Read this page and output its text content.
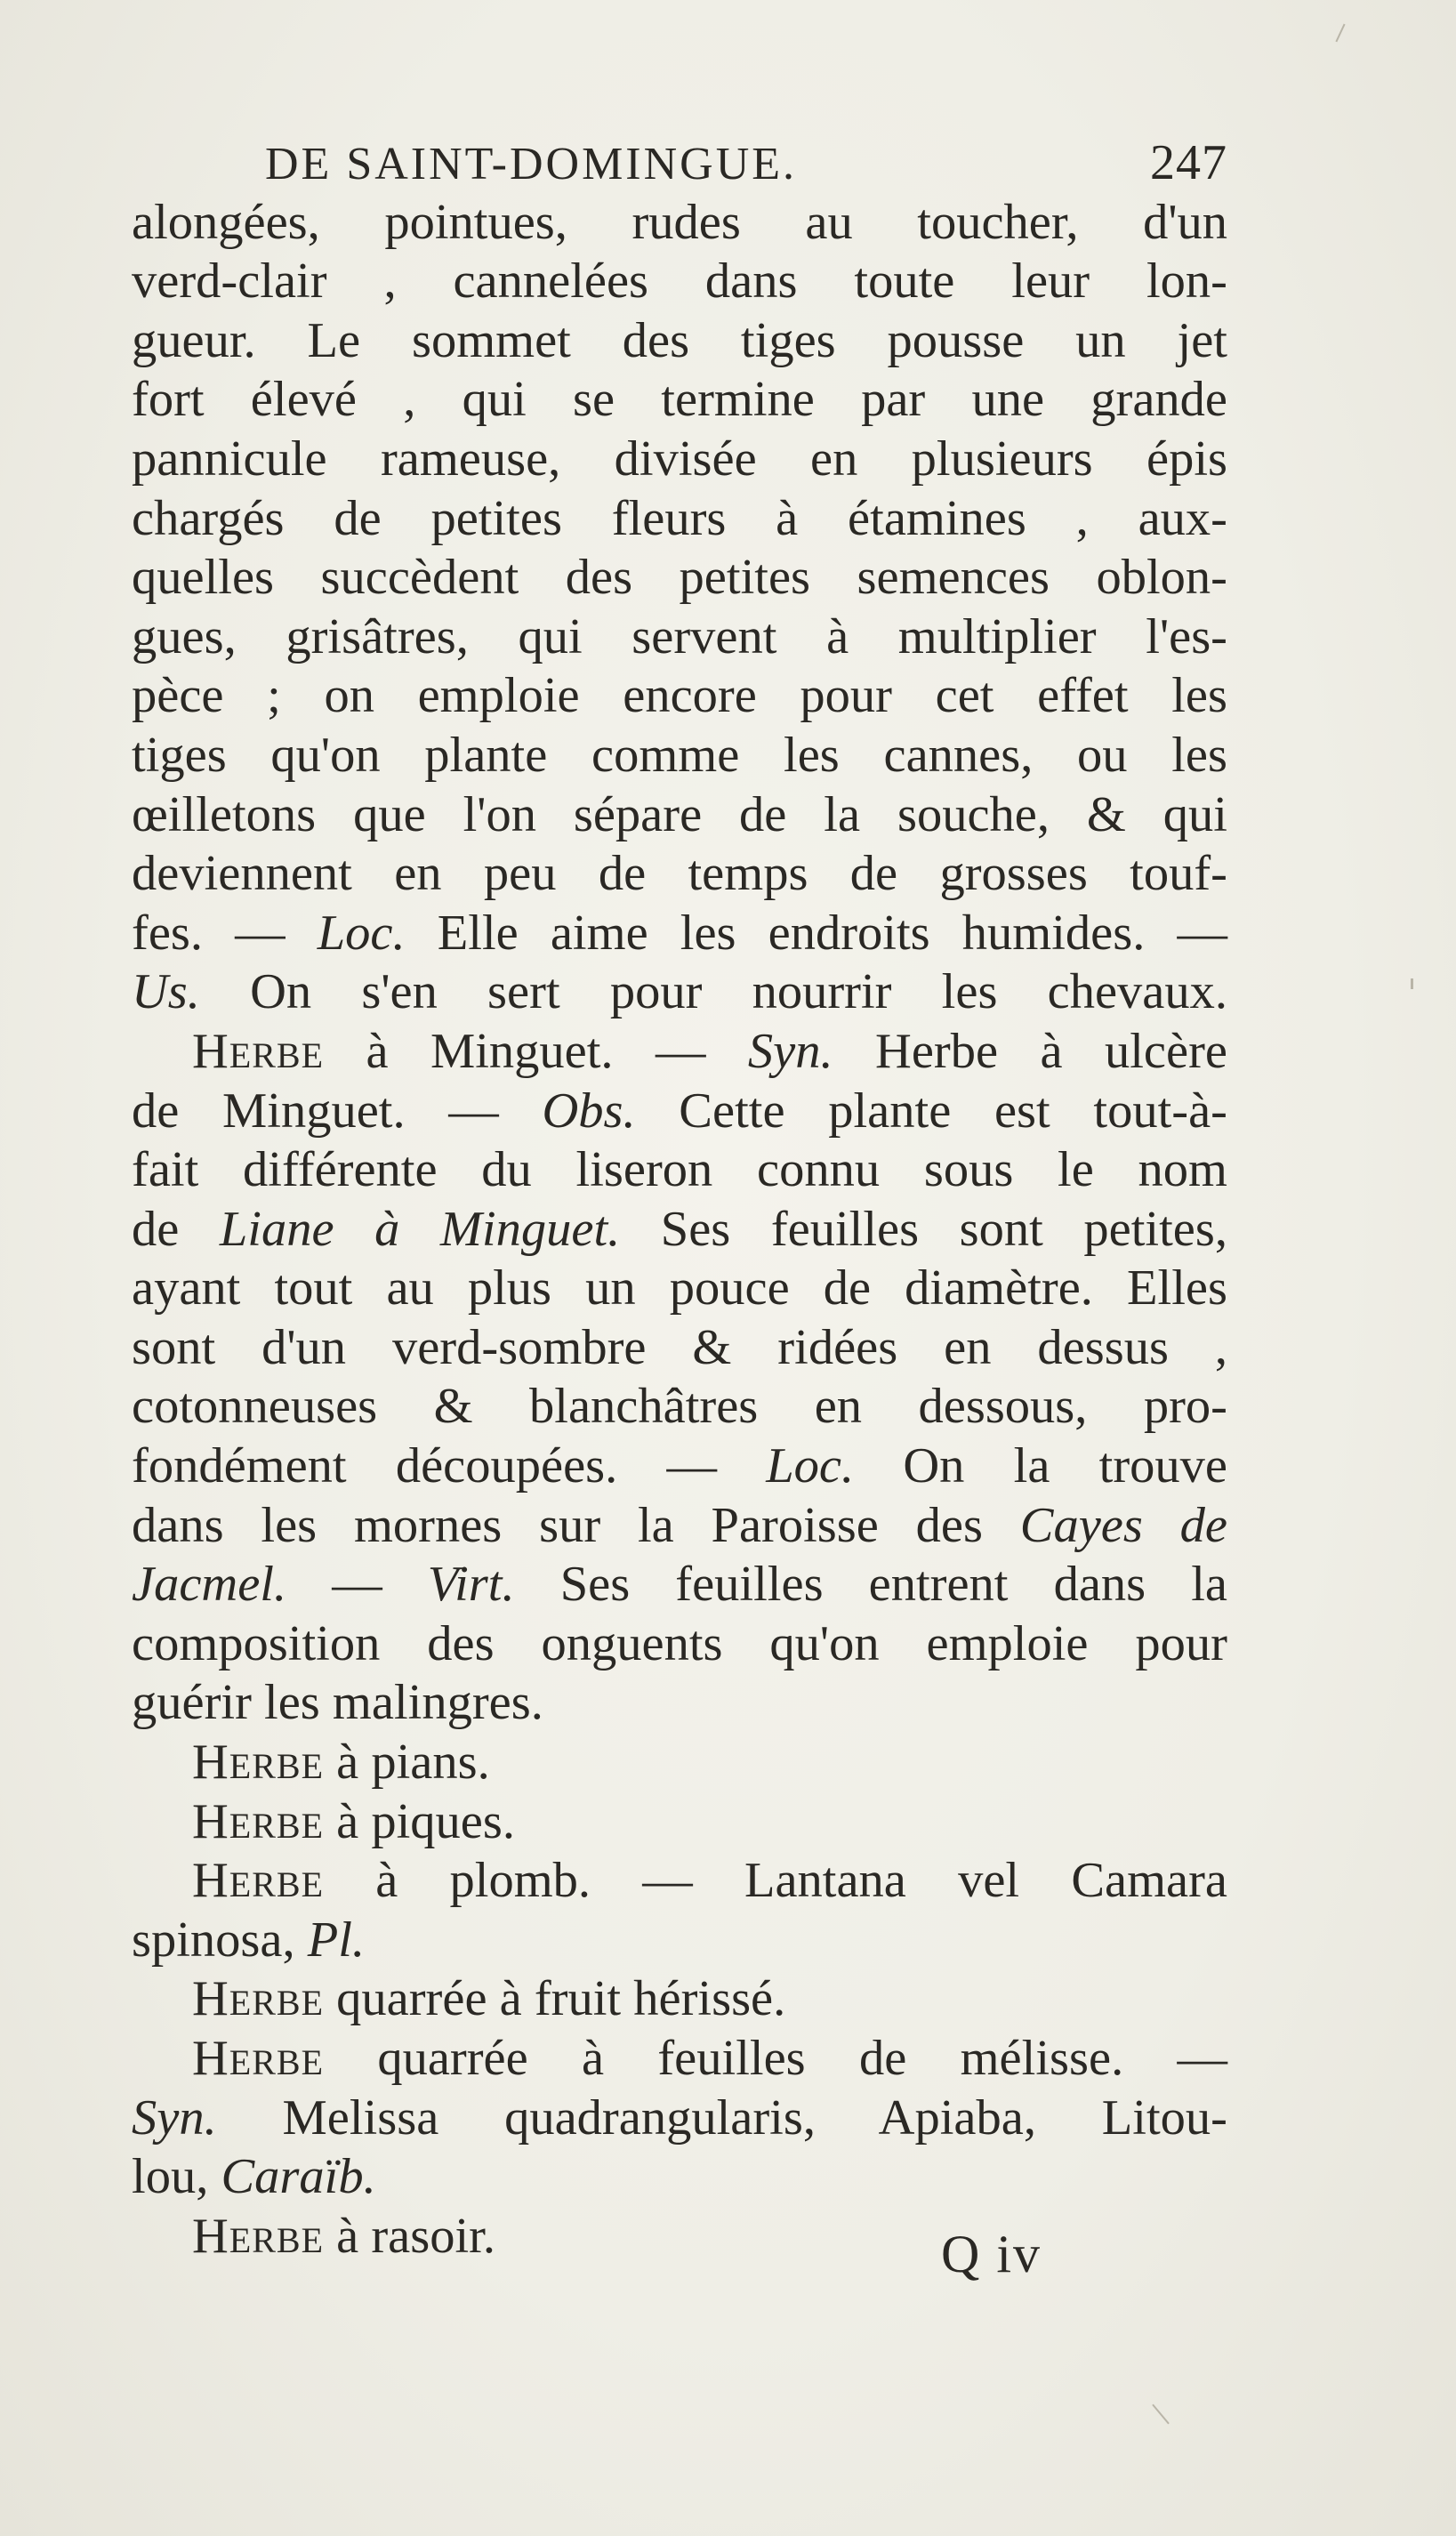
DE SAINT-DOMINGUE.	247
alongées, pointues, rudes au toucher, d'un
verd-clair , cannelées dans toute leur lon-
gueur. Le sommet des tiges pousse un jet
fort élevé , qui se termine par une grande
pannicule rameuse, divisée en plusieurs épis
chargés de petites fleurs à étamines , aux-
quelles succèdent des petites semences oblon-
gues, grisâtres, qui servent à multiplier l'es-
pèce ; on emploie encore pour cet effet les
tiges qu'on plante comme les cannes, ou les
œilletons que l'on sépare de la souche, & qui
deviennent en peu de temps de grosses touf-
fes. — Loc. Elle aime les endroits humides. —
Us. On s'en sert pour nourrir les chevaux.
Herbe à Minguet. — Syn. Herbe à ulcère
de Minguet. — Obs. Cette plante est tout-à-
fait différente du liseron connu sous le nom
de Liane à Minguet. Ses feuilles sont petites,
ayant tout au plus un pouce de diamètre. Elles
sont d'un verd-sombre & ridées en dessus ,
cotonneuses & blanchâtres en dessous, pro-
fondément découpées. — Loc. On la trouve
dans les mornes sur la Paroisse des Cayes de
Jacmel. — Virt. Ses feuilles entrent dans la
composition des onguents qu'on emploie pour
guérir les malingres.
Herbe à pians.
Herbe à piques.
Herbe à plomb. — Lantana vel Camara
spinosa, Pl.
Herbe quarrée à fruit hérissé.
Herbe quarrée à feuilles de mélisse. —
Syn. Melissa quadrangularis, Apiaba, Litou-
lou, Caraïb.
Herbe à rasoir.	Q iv
